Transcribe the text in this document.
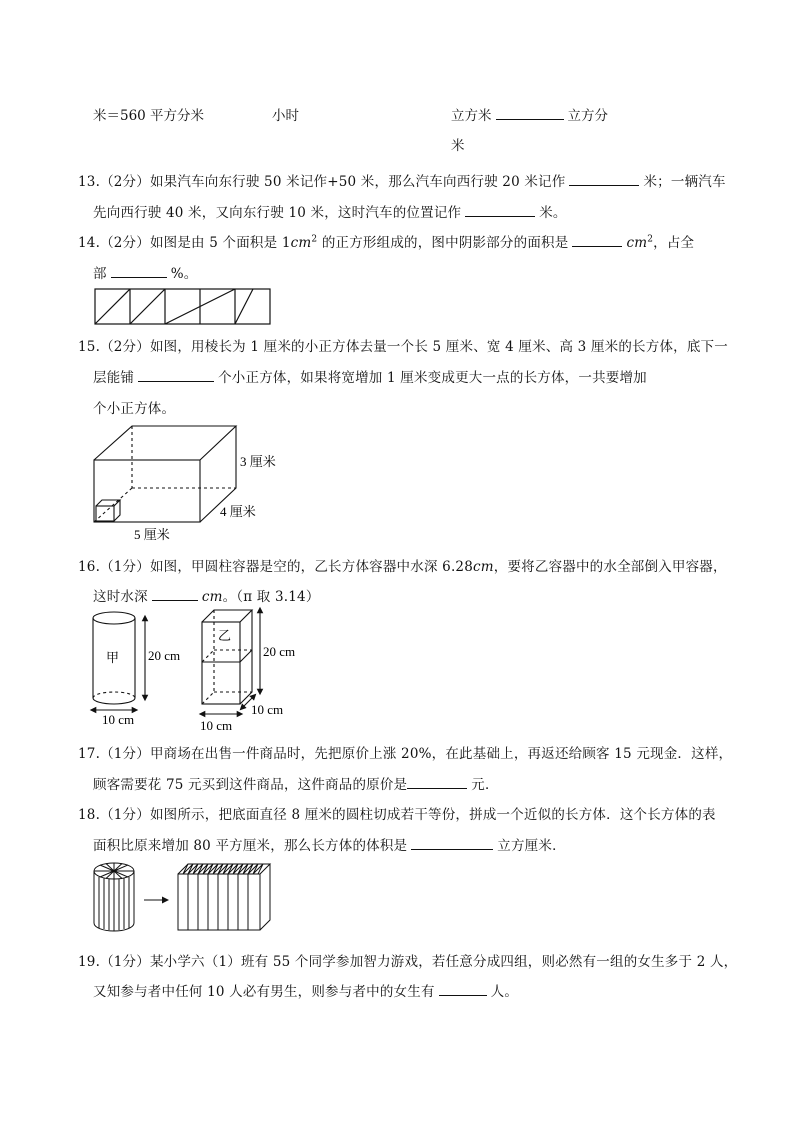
米＝560 平方分米	小时	立方米	立方分
米
13.（2分）如果汽车向东行驶 50 米记作+50 米，那么汽车向西行驶 20 米记作	米；一辆汽车
先向西行驶 40 米，又向东行驶 10 米，这时汽车的位置记作	米。
14.（2分）如图是由 5 个面积是 $1cm^2$ 的正方形组成的，图中阴影部分的面积是	$cm^2$，占全
部	%。
15.（2分）如图，用棱长为 1 厘米的小正方体去量一个长 5 厘米、宽 4 厘米、高 3 厘米的长方体，底下一
层能铺	个小正方体，如果将宽增加 1 厘米变成更大一点的长方体，一共要增加
个小正方体。
3 厘米
4 厘米
5 厘米
16.（1分）如图，甲圆柱容器是空的，乙长方体容器中水深 6.28cm，要将乙容器中的水全部倒入甲容器，
这时水深	cm。（π 取 3.14）
甲 20 cm
10 cm
乙
20 cm
10 cm
10 cm
17.（1分）甲商场在出售一件商品时，先把原价上涨 20%，在此基础上，再返还给顾客 15 元现金．这样，
顾客需要花 75 元买到这件商品，这件商品的原价是	元．
18.（1分）如图所示，把底面直径 8 厘米的圆柱切成若干等份，拼成一个近似的长方体．这个长方体的表
面积比原来增加 80 平方厘米，那么长方体的体积是	立方厘米．
19.（1分）某小学六（1）班有 55 个同学参加智力游戏，若任意分成四组，则必然有一组的女生多于 2 人，
又知参与者中任何 10 人必有男生，则参与者中的女生有	人。
